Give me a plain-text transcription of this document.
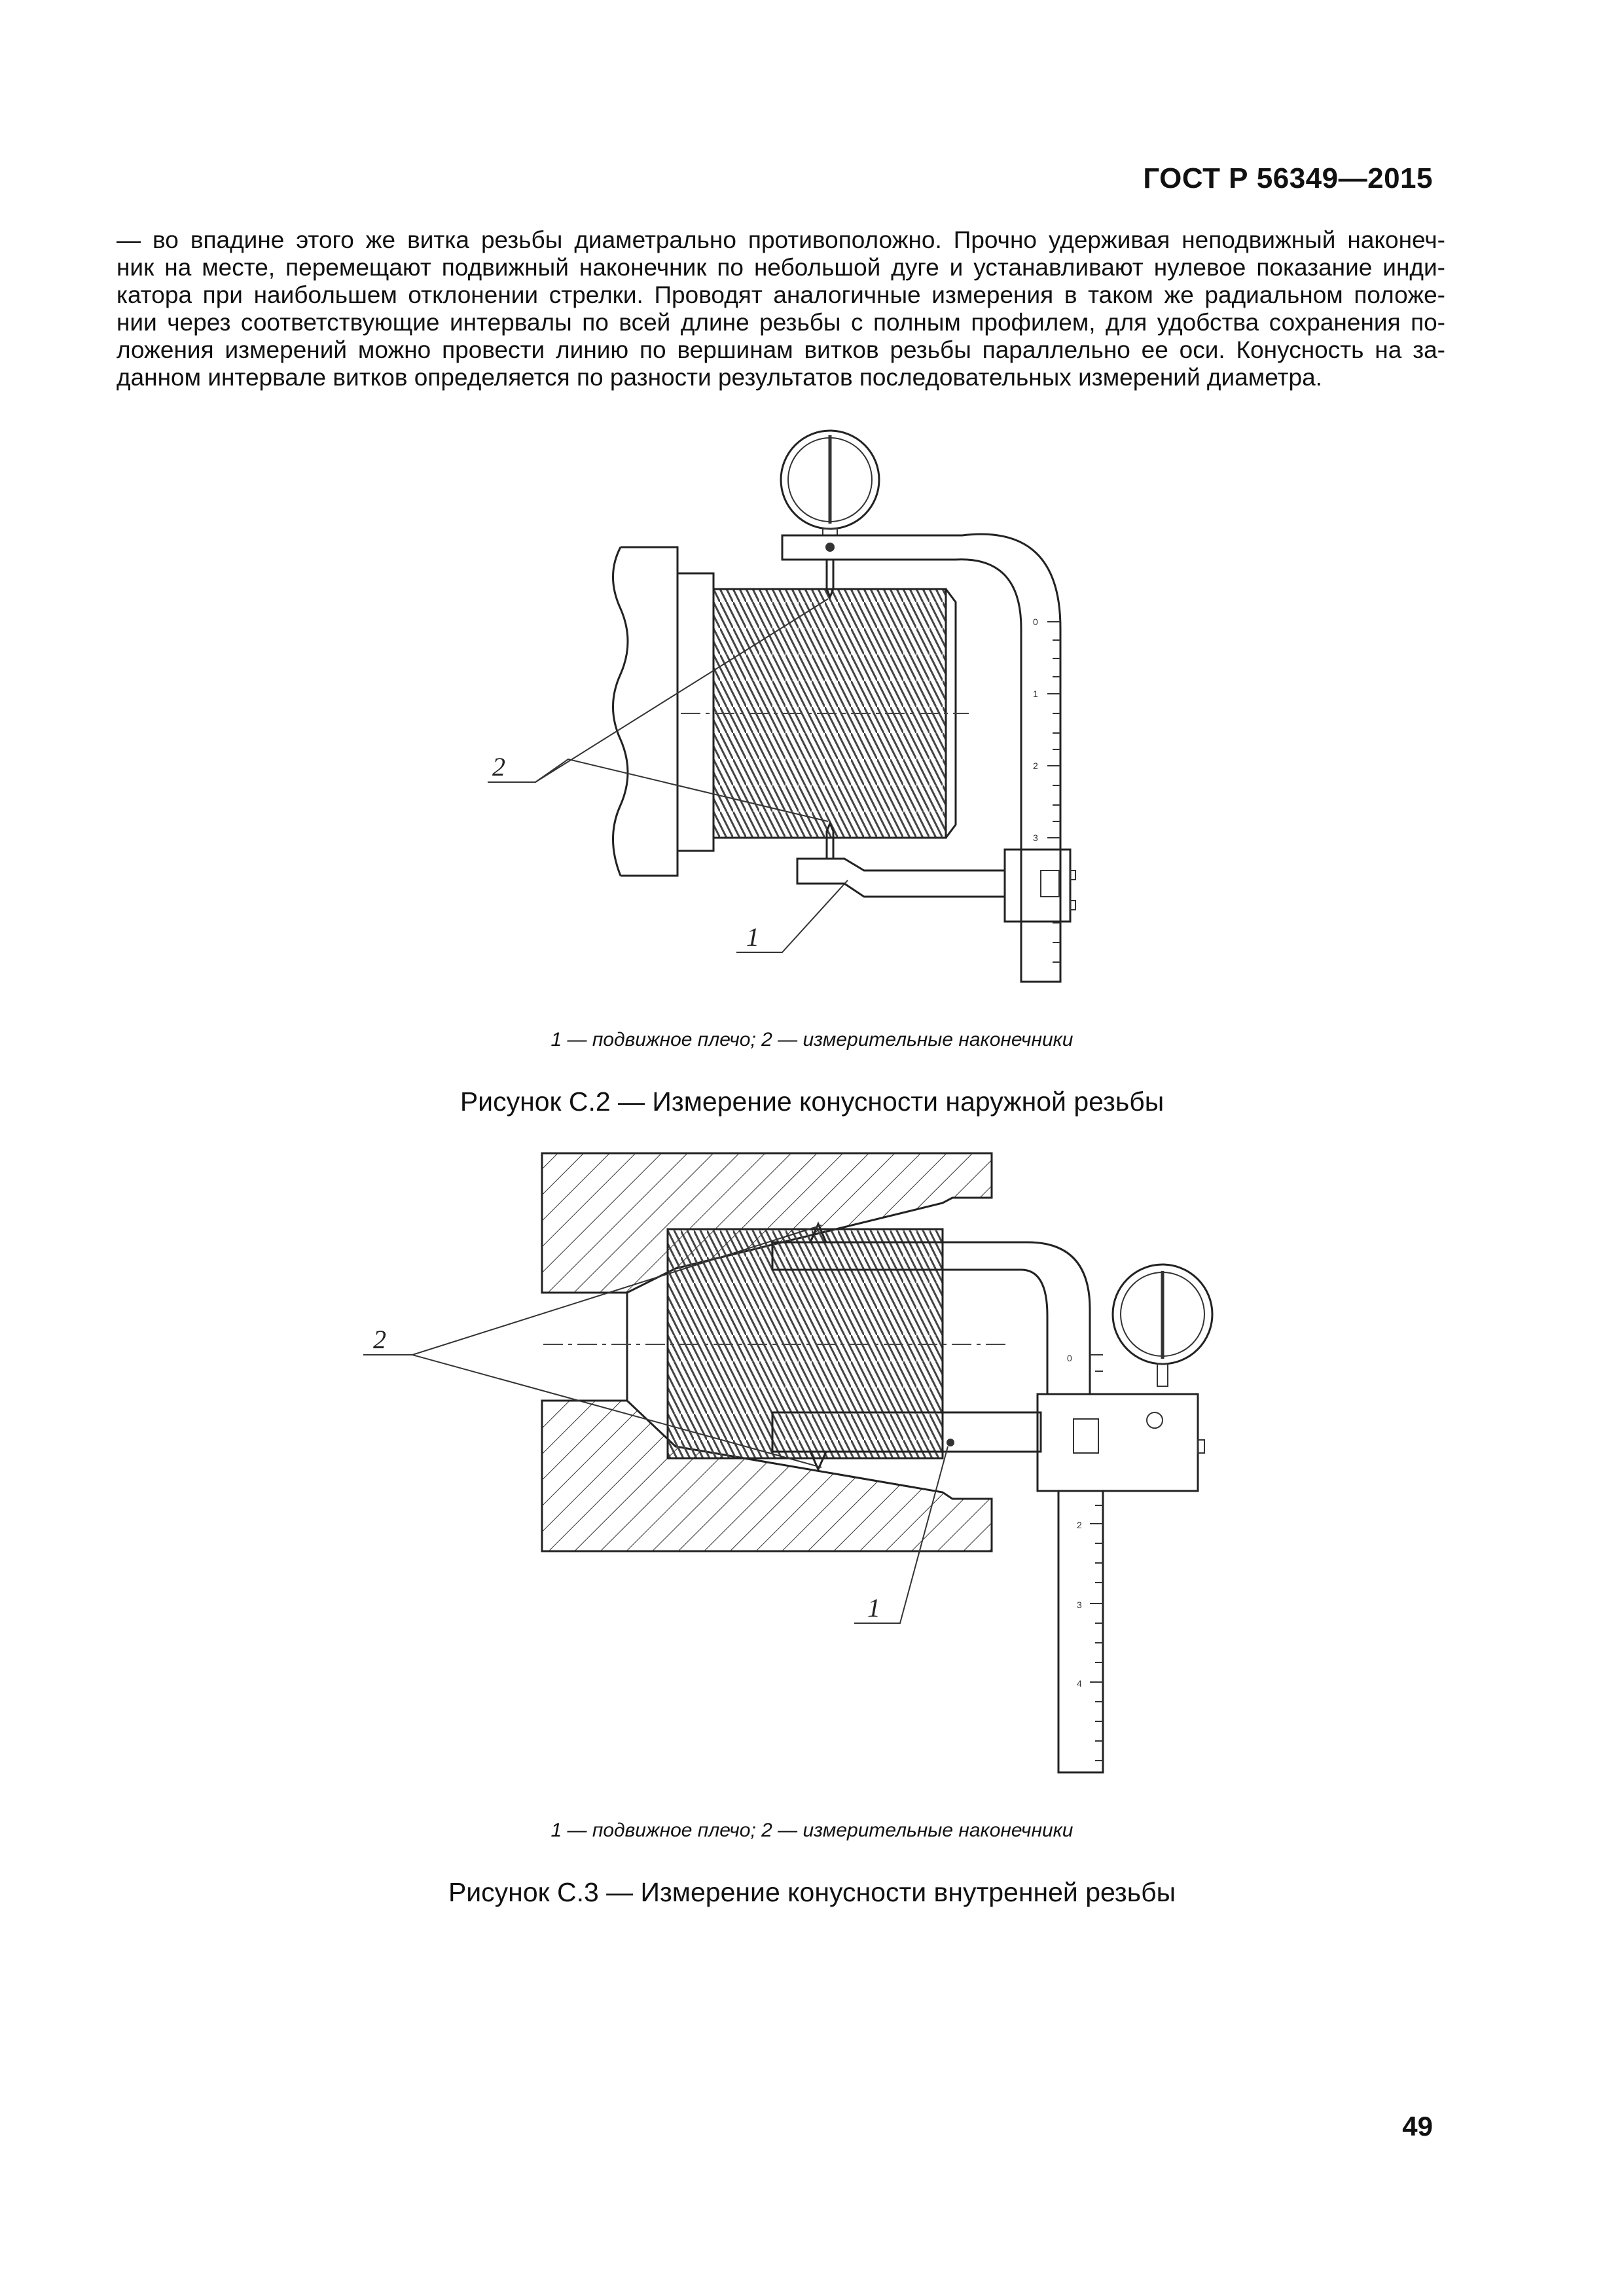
ГОСТ Р 56349—2015

— во впадине этого же витка резьбы диаметрально противоположно. Прочно удерживая неподвижный наконеч-

ник на месте, перемещают подвижный наконечник по небольшой дуге и устанавливают нулевое показание инди-

катора при наибольшем отклонении стрелки. Проводят аналогичные измерения в таком же радиальном положе-

нии через соответствующие интервалы по всей длине резьбы с полным профилем, для удобства сохранения по-

ложения измерений можно провести линию по вершинам витков резьбы параллельно ее оси. Конусность на за-

данном интервале витков определяется по разности результатов последовательных измерений диаметра.

0
1
2
3
2
1
0
2
3
4
2
1
1 — подвижное плечо; 2 — измерительные наконечники
Рисунок С.2 — Измерение конусности наружной резьбы
1 — подвижное плечо; 2 — измерительные наконечники
Рисунок С.3 — Измерение конусности внутренней резьбы
49
